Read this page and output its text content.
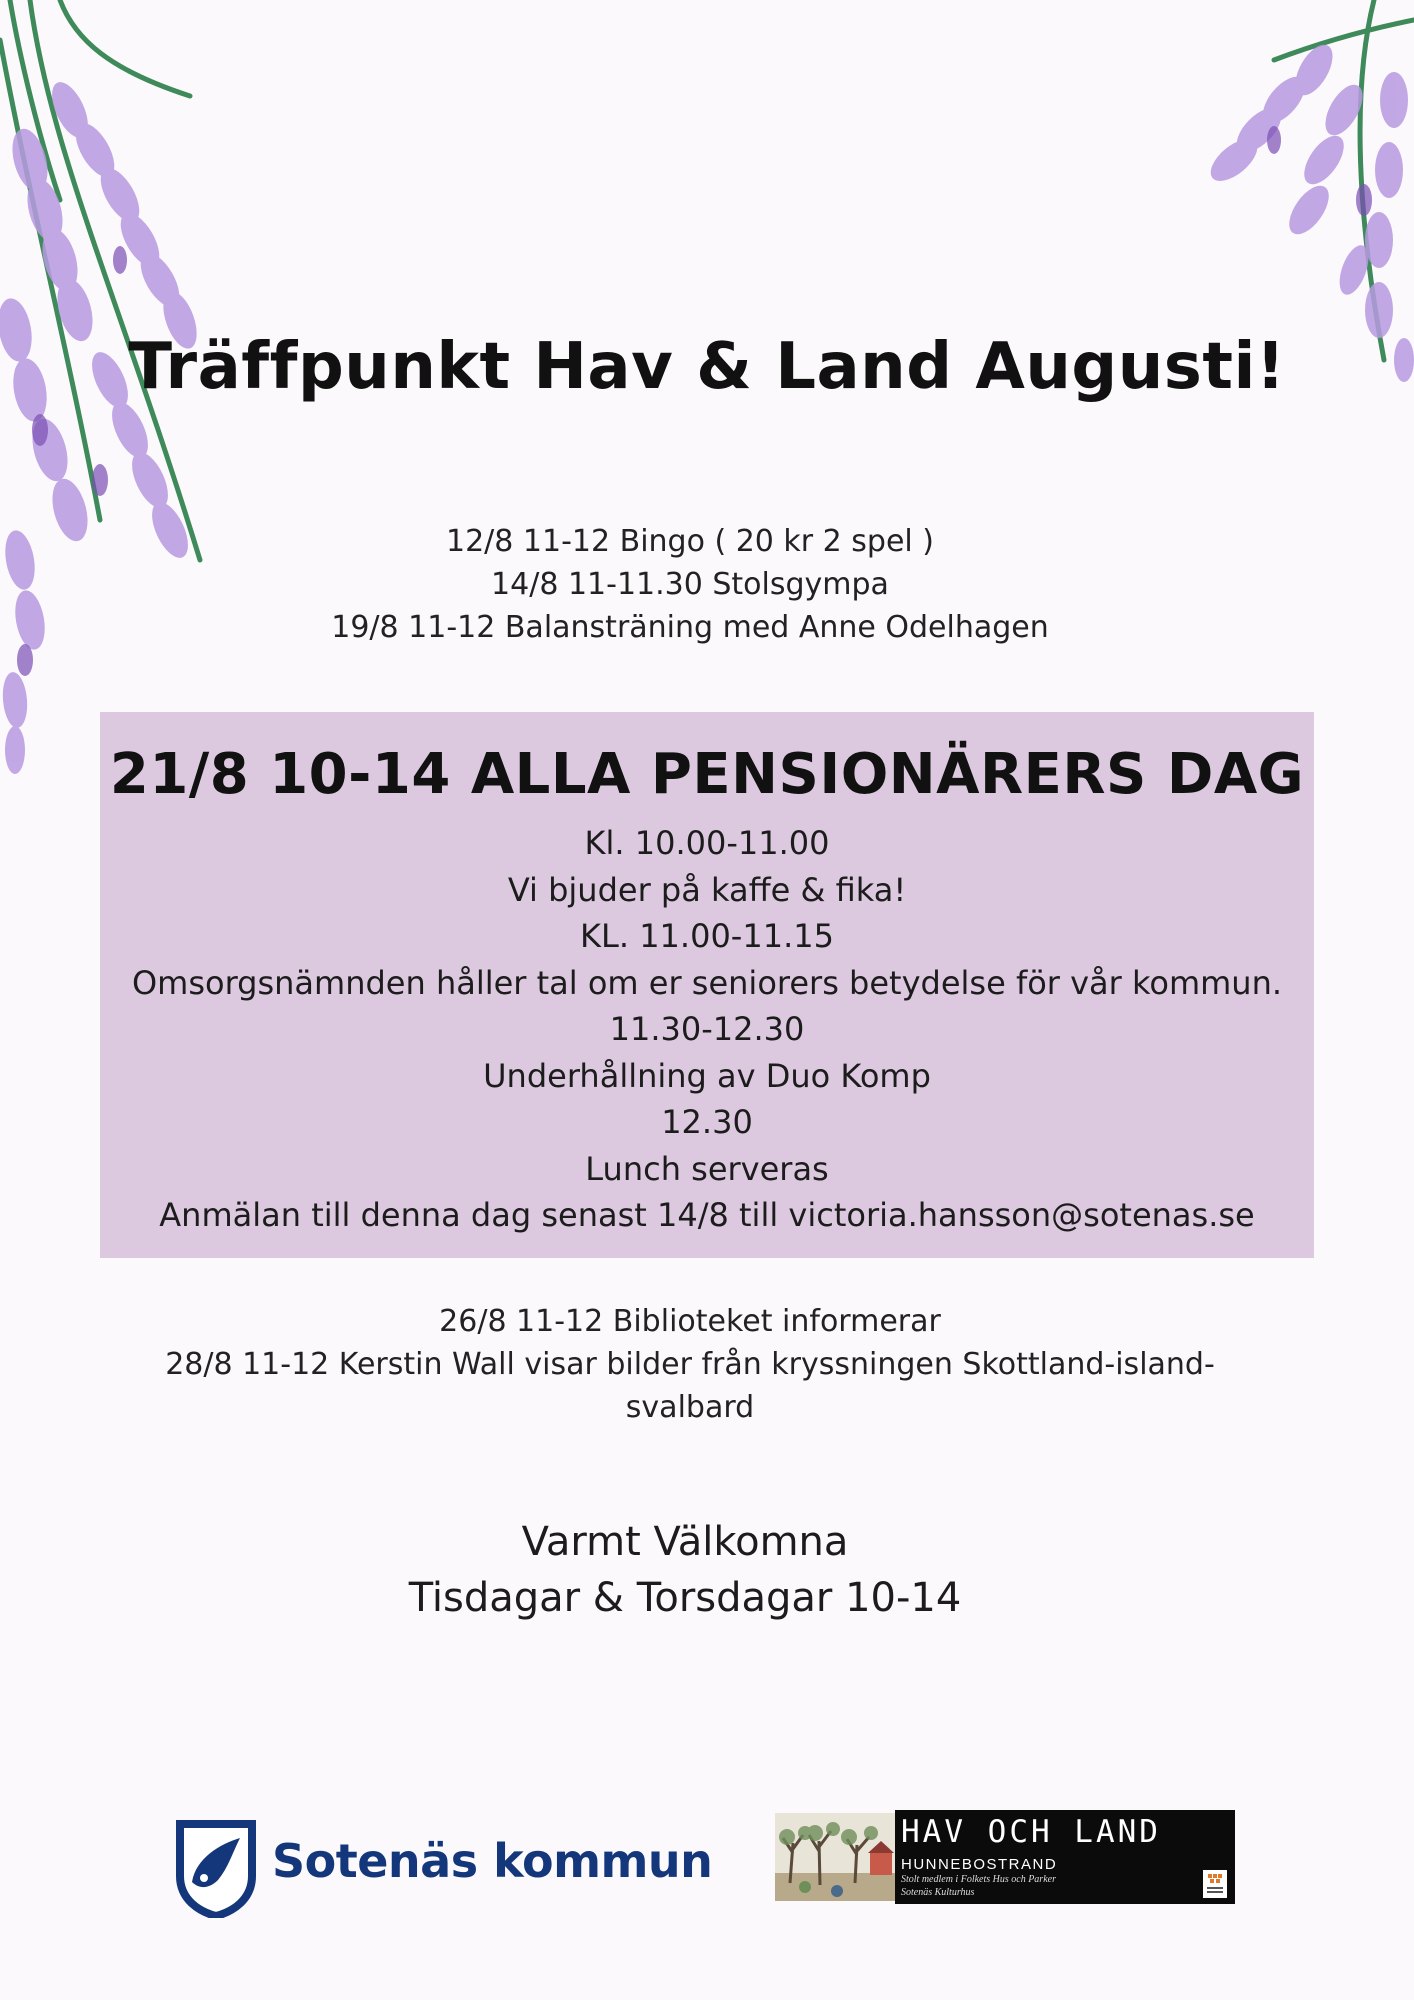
Träffpunkt Hav & Land Augusti!
12/8 11-12 Bingo ( 20 kr 2 spel )
14/8 11-11.30 Stolsgympa
19/8 11-12 Balansträning med Anne Odelhagen
21/8 10-14 ALLA PENSIONÄRERS DAG
Kl. 10.00-11.00
Vi bjuder på kaffe & fika!
KL. 11.00-11.15
Omsorgsnämnden håller tal om er seniorers betydelse för vår kommun.
11.30-12.30
Underhållning av Duo Komp
12.30
Lunch serveras
Anmälan till denna dag senast 14/8 till victoria.hansson@sotenas.se
26/8 11-12 Biblioteket informerar
28/8 11-12 Kerstin Wall visar bilder från kryssningen Skottland-island-
svalbard
Varmt Välkomna
Tisdagar & Torsdagar 10-14
Sotenäs kommun
HAV OCH LAND
HUNNEBOSTRAND
Stolt medlem i Folkets Hus och Parker
Sotenäs Kulturhus
